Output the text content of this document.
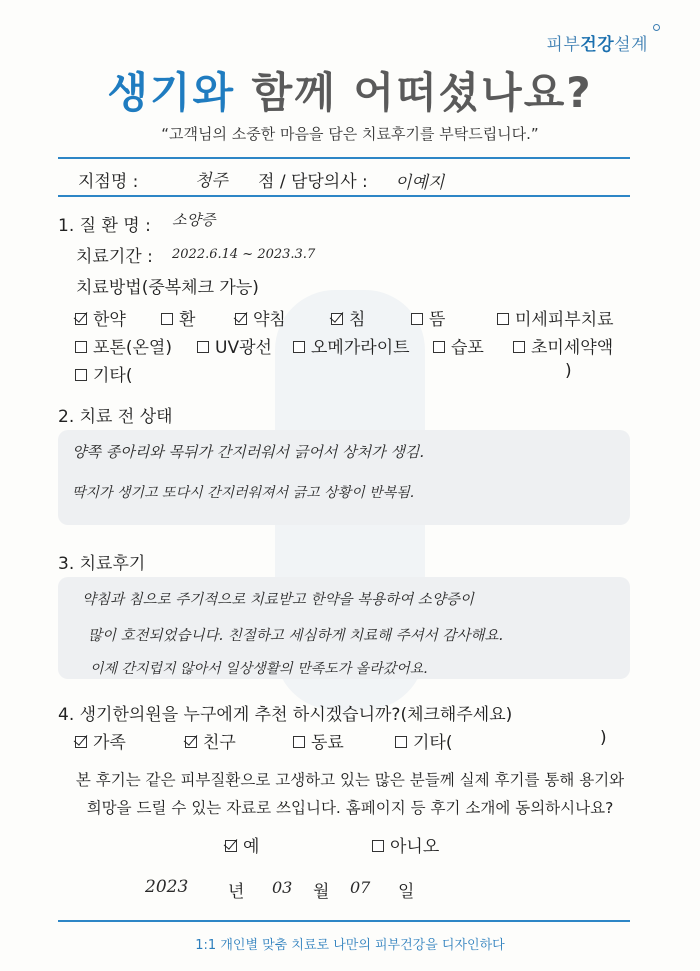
피부건강설계
생기와 함께 어떠셨나요?
“고객님의 소중한 마음을 담은 치료후기를 부탁드립니다.”
지점명 :	청주 점 / 담당의사 : 이예지
1. 질 환 명 : 소양증
치료기간 : 2022.6.14 ~ 2023.3.7
치료방법(중복체크 가능)
한약	환	약침	침	뜸	미세피부치료
포톤(온열)	UV광선	오메가라이트	습포	초미세약액
기타(	)
2. 치료 전 상태
양쪽 종아리와 목뒤가 간지러워서 긁어서 상처가 생김.
딱지가 생기고 또다시 간지러워져서 긁고 상황이 반복됨.
3. 치료후기
약침과 침으로 주기적으로 치료받고 한약을 복용하여 소양증이
많이 호전되었습니다. 친절하고 세심하게 치료해 주셔서 감사해요.
이제 간지럽지 않아서 일상생활의 만족도가 올라갔어요.
4. 생기한의원을 누구에게 추천 하시겠습니까?(체크해주세요)
가족	친구	동료	기타(	)
본 후기는 같은 피부질환으로 고생하고 있는 많은 분들께 실제 후기를 통해 용기와
희망을 드릴 수 있는 자료로 쓰입니다. 홈페이지 등 후기 소개에 동의하시나요?
예	아니오
2023 년 03 월 07 일
1:1 개인별 맞춤 치료로 나만의 피부건강을 디자인하다
